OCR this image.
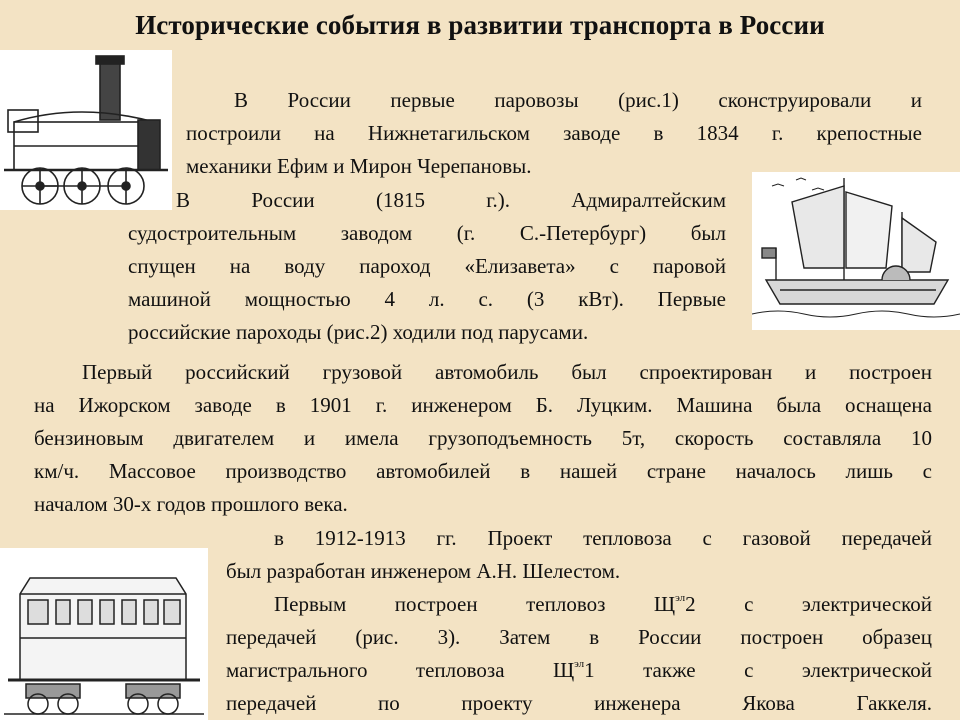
Исторические события в развитии транспорта в России
В России первые паровозы (рис.1) сконструировали и
построили на Нижнетагильском заводе в 1834 г. крепостные
механики Ефим и Мирон Черепановы.
В России (1815 г.). Адмиралтейским
судостроительным заводом (г. С.-Петербург) был
спущен на воду пароход «Елизавета» с паровой
машиной мощностью 4 л. с. (3 кВт). Первые
российские пароходы (рис.2) ходили под парусами.
Первый российский грузовой автомобиль был спроектирован и построен
на Ижорском заводе в 1901 г. инженером Б. Луцким. Машина была оснащена
бензиновым двигателем и имела грузоподъемность 5т, скорость составляла 10
км/ч. Массовое производство автомобилей в нашей стране началось лишь с
началом 30-х годов прошлого века.
в 1912-1913 гг. Проект тепловоза с газовой передачей
был разработан инженером А.Н. Шелестом.
Первым построен тепловоз $Щ^{эл}2$ с электрической
передачей (рис. 3). Затем в России построен образец
магистрального тепловоза $Щ^{эл}1$ также с электрической
передачей по проекту инженера Якова Гаккеля.
